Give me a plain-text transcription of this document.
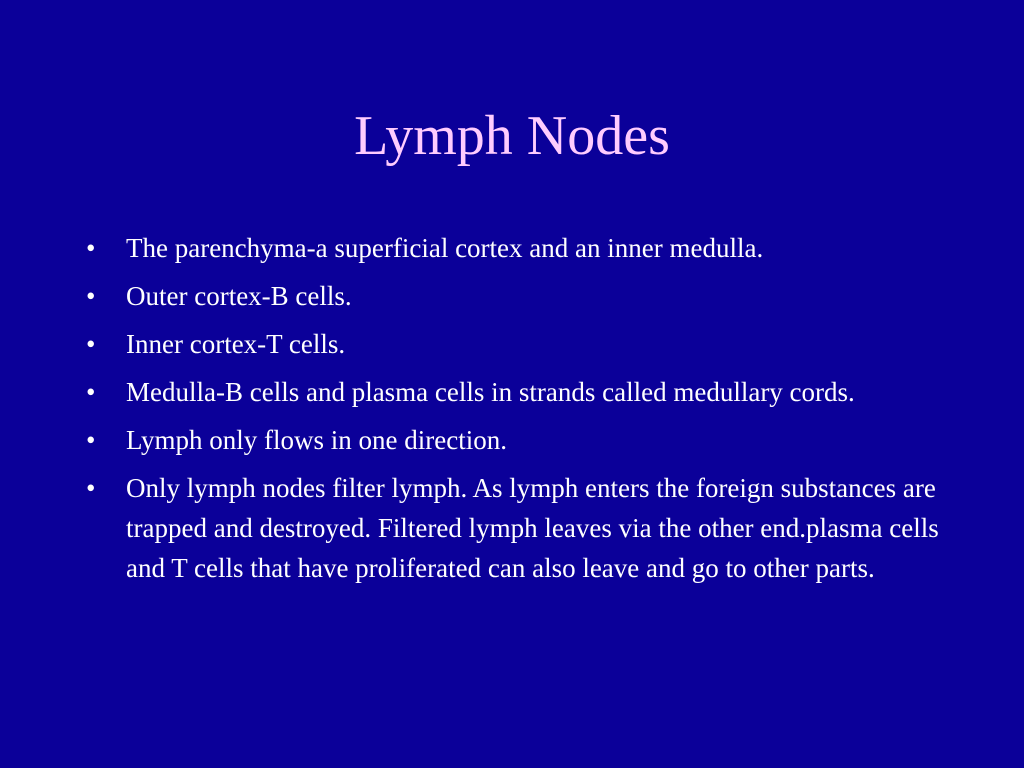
Lymph Nodes
•	The parenchyma-a superficial cortex and an inner medulla.
•	Outer cortex-B cells.
•	Inner cortex-T cells.
•	Medulla-B cells and plasma cells in strands called medullary cords.
•	Lymph only flows in one direction.
•	Only lymph nodes filter lymph. As lymph enters the foreign substances are trapped and destroyed. Filtered lymph leaves via the other end.plasma cells and T cells that have proliferated can also leave and go to other parts.
